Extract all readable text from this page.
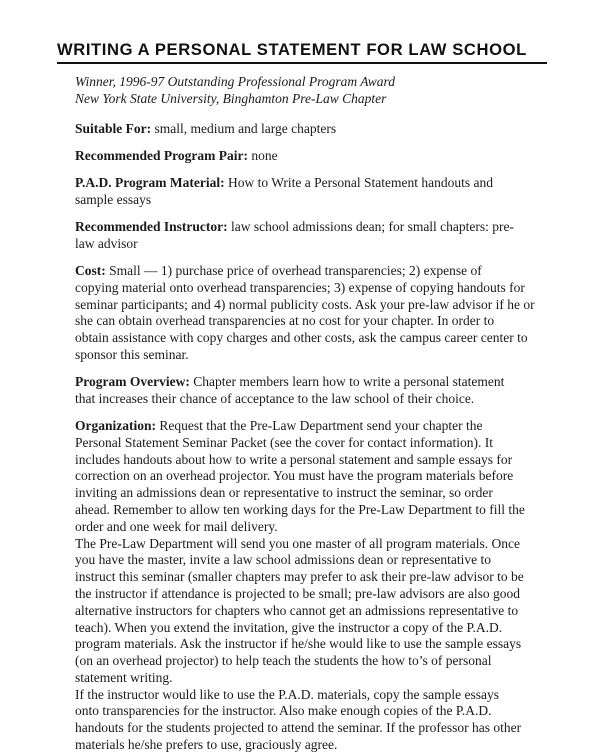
WRITING A PERSONAL STATEMENT FOR LAW SCHOOL

Winner, 1996-97 Outstanding Professional Program Award
New York State University, Binghamton Pre-Law Chapter

Suitable For: small, medium and large chapters

Recommended Program Pair: none

P.A.D. Program Material: How to Write a Personal Statement handouts and
sample essays

Recommended Instructor: law school admissions dean; for small chapters: pre-
law advisor

Cost: Small — 1) purchase price of overhead transparencies; 2) expense of
copying material onto overhead transparencies; 3) expense of copying handouts for
seminar participants; and 4) normal publicity costs. Ask your pre-law advisor if he or
she can obtain overhead transparencies at no cost for your chapter. In order to
obtain assistance with copy charges and other costs, ask the campus career center to
sponsor this seminar.

Program Overview: Chapter members learn how to write a personal statement
that increases their chance of acceptance to the law school of their choice.

Organization: Request that the Pre-Law Department send your chapter the
Personal Statement Seminar Packet (see the cover for contact information). It
includes handouts about how to write a personal statement and sample essays for
correction on an overhead projector. You must have the program materials before
inviting an admissions dean or representative to instruct the seminar, so order
ahead. Remember to allow ten working days for the Pre-Law Department to fill the
order and one week for mail delivery.

The Pre-Law Department will send you one master of all program materials. Once
you have the master, invite a law school admissions dean or representative to
instruct this seminar (smaller chapters may prefer to ask their pre-law advisor to be
the instructor if attendance is projected to be small; pre-law advisors are also good
alternative instructors for chapters who cannot get an admissions representative to
teach). When you extend the invitation, give the instructor a copy of the P.A.D.
program materials. Ask the instructor if he/she would like to use the sample essays
(on an overhead projector) to help teach the students the how to’s of personal
statement writing.

If the instructor would like to use the P.A.D. materials, copy the sample essays
onto transparencies for the instructor. Also make enough copies of the P.A.D.
handouts for the students projected to attend the seminar. If the professor has other
materials he/she prefers to use, graciously agree.
